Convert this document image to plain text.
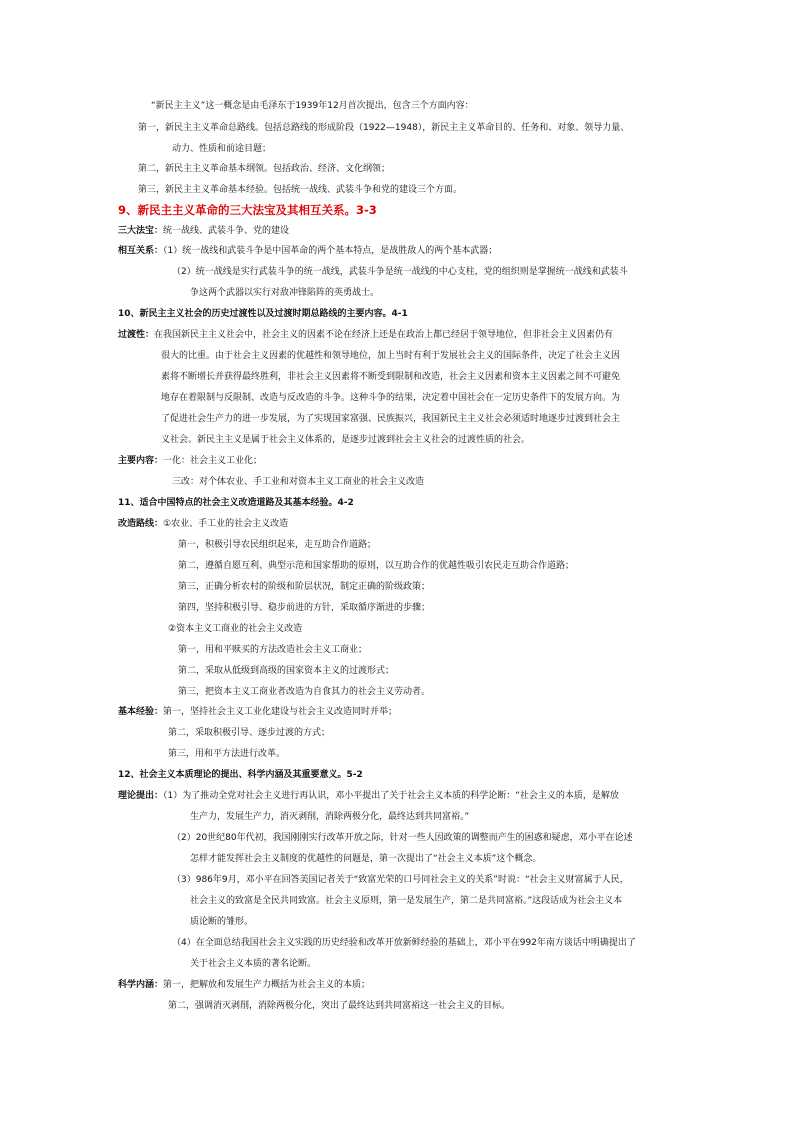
“新民主主义”这一概念是由毛泽东于1939年12月首次提出，包含三个方面内容：
第一，新民主主义革命总路线。包括总路线的形成阶段（1922—1948），新民主主义革命目的、任务和、对象、领导力量、
动力、性质和前途目题；
第二，新民主主义革命基本纲领。包括政治、经济、文化纲领；
第三，新民主主义革命基本经验。包括统一战线、武装斗争和党的建设三个方面。
9、新民主主义革命的三大法宝及其相互关系。3-3
三大法宝：统一战线、武装斗争、党的建设
相互关系：（1）统一战线和武装斗争是中国革命的两个基本特点，是战胜敌人的两个基本武器；
（2）统一战线是实行武装斗争的统一战线，武装斗争是统一战线的中心支柱，党的组织则是掌握统一战线和武装斗
争这两个武器以实行对敌冲锋陷阵的英勇战士。
10、新民主主义社会的历史过渡性以及过渡时期总路线的主要内容。4-1
过渡性：在我国新民主主义社会中，社会主义的因素不论在经济上还是在政治上都已经居于领导地位，但非社会主义因素仍有
很大的比重。由于社会主义因素的优越性和领导地位，加上当时有利于发展社会主义的国际条件，决定了社会主义因
素将不断增长并获得最终胜利，非社会主义因素将不断受到限制和改造，社会主义因素和资本主义因素之间不可避免
地存在着限制与反限制、改造与反改造的斗争。这种斗争的结果，决定着中国社会在一定历史条件下的发展方向。为
了促进社会生产力的进一步发展，为了实现国家富强、民族振兴，我国新民主主义社会必须适时地逐步过渡到社会主
义社会。新民主主义是属于社会主义体系的，是逐步过渡到社会主义社会的过渡性质的社会。
主要内容：一化：社会主义工业化；
三改：对个体农业、手工业和对资本主义工商业的社会主义改造
11、适合中国特点的社会主义改造道路及其基本经验。4-2
改造路线：①农业、手工业的社会主义改造
第一，积极引导农民组织起来，走互助合作道路；
第二，遵循自愿互利、典型示范和国家帮助的原则，以互助合作的优越性吸引农民走互助合作道路；
第三，正确分析农村的阶级和阶层状况，制定正确的阶级政策；
第四，坚持积极引导、稳步前进的方针，采取循序渐进的步骤；
②资本主义工商业的社会主义改造
第一，用和平赎买的方法改造社会主义工商业；
第二，采取从低级到高级的国家资本主义的过渡形式；
第三，把资本主义工商业者改造为自食其力的社会主义劳动者。
基本经验：第一，坚持社会主义工业化建设与社会主义改造同时并举；
第二，采取积极引导、逐步过渡的方式；
第三，用和平方法进行改革。
12、社会主义本质理论的提出、科学内涵及其重要意义。5-2
理论提出：（1）为了推动全党对社会主义进行再认识，邓小平提出了关于社会主义本质的科学论断：“社会主义的本质，是解放
生产力，发展生产力，消灭剥削，消除两极分化，最终达到共同富裕。”
（2）20世纪80年代初，我国刚刚实行改革开放之际，针对一些人因政策的调整而产生的困惑和疑虑，邓小平在论述
怎样才能发挥社会主义制度的优越性的问题是，第一次提出了“社会主义本质”这个概念。
（3）986年9月，邓小平在回答美国记者关于“致富光荣的口号同社会主义的关系”时说：“社会主义财富属于人民，
社会主义的致富是全民共同致富。社会主义原则，第一是发展生产，第二是共同富裕。”这段话成为社会主义本
质论断的雏形。
（4）在全面总结我国社会主义实践的历史经验和改革开放新鲜经验的基础上，邓小平在992年南方谈话中明确提出了
关于社会主义本质的著名论断。
科学内涵：第一，把解放和发展生产力概括为社会主义的本质；
第二，强调消灭剥削，消除两极分化，突出了最终达到共同富裕这一社会主义的目标。
